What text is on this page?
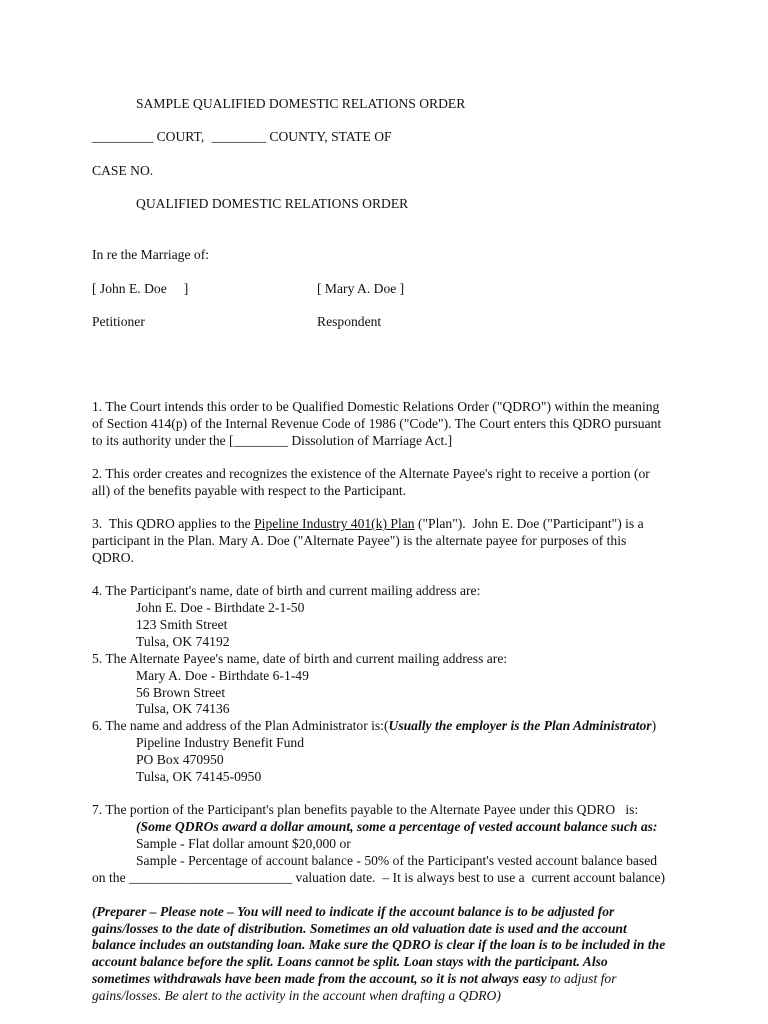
SAMPLE QUALIFIED DOMESTIC RELATIONS ORDER
_________ COURT, ________ COUNTY, STATE OF
CASE NO.
QUALIFIED DOMESTIC RELATIONS ORDER
In re the Marriage of:
[ John E. Doe     ]	[ Mary A. Doe ]
Petitioner	Respondent
1. The Court intends this order to be Qualified Domestic Relations Order ("QDRO") within the meaning
of Section 414(p) of the Internal Revenue Code of 1986 ("Code"). The Court enters this QDRO pursuant
to its authority under the [________ Dissolution of Marriage Act.]
2. This order creates and recognizes the existence of the Alternate Payee's right to receive a portion (or
all) of the benefits payable with respect to the Participant.
3.  This QDRO applies to the Pipeline Industry 401(k) Plan ("Plan").  John E. Doe ("Participant") is a
participant in the Plan. Mary A. Doe ("Alternate Payee") is the alternate payee for purposes of this
QDRO.
4. The Participant's name, date of birth and current mailing address are:
John E. Doe - Birthdate 2-1-50
123 Smith Street
Tulsa, OK 74192
5. The Alternate Payee's name, date of birth and current mailing address are:
Mary A. Doe - Birthdate 6-1-49
56 Brown Street
Tulsa, OK 74136
6. The name and address of the Plan Administrator is:(Usually the employer is the Plan Administrator)
Pipeline Industry Benefit Fund
PO Box 470950
Tulsa, OK 74145-0950
7. The portion of the Participant's plan benefits payable to the Alternate Payee under this QDRO   is:
(Some QDROs award a dollar amount, some a percentage of vested account balance such as:
Sample - Flat dollar amount $20,000 or
Sample - Percentage of account balance - 50% of the Participant's vested account balance based
on the ________________________ valuation date.  – It is always best to use a  current account balance)
(Preparer – Please note – You will need to indicate if the account balance is to be adjusted for
gains/losses to the date of distribution. Sometimes an old valuation date is used and the account
balance includes an outstanding loan. Make sure the QDRO is clear if the loan is to be included in the
account balance before the split. Loans cannot be split. Loan stays with the participant. Also
sometimes withdrawals have been made from the account, so it is not always easy to adjust for
gains/losses. Be alert to the activity in the account when drafting a QDRO)
